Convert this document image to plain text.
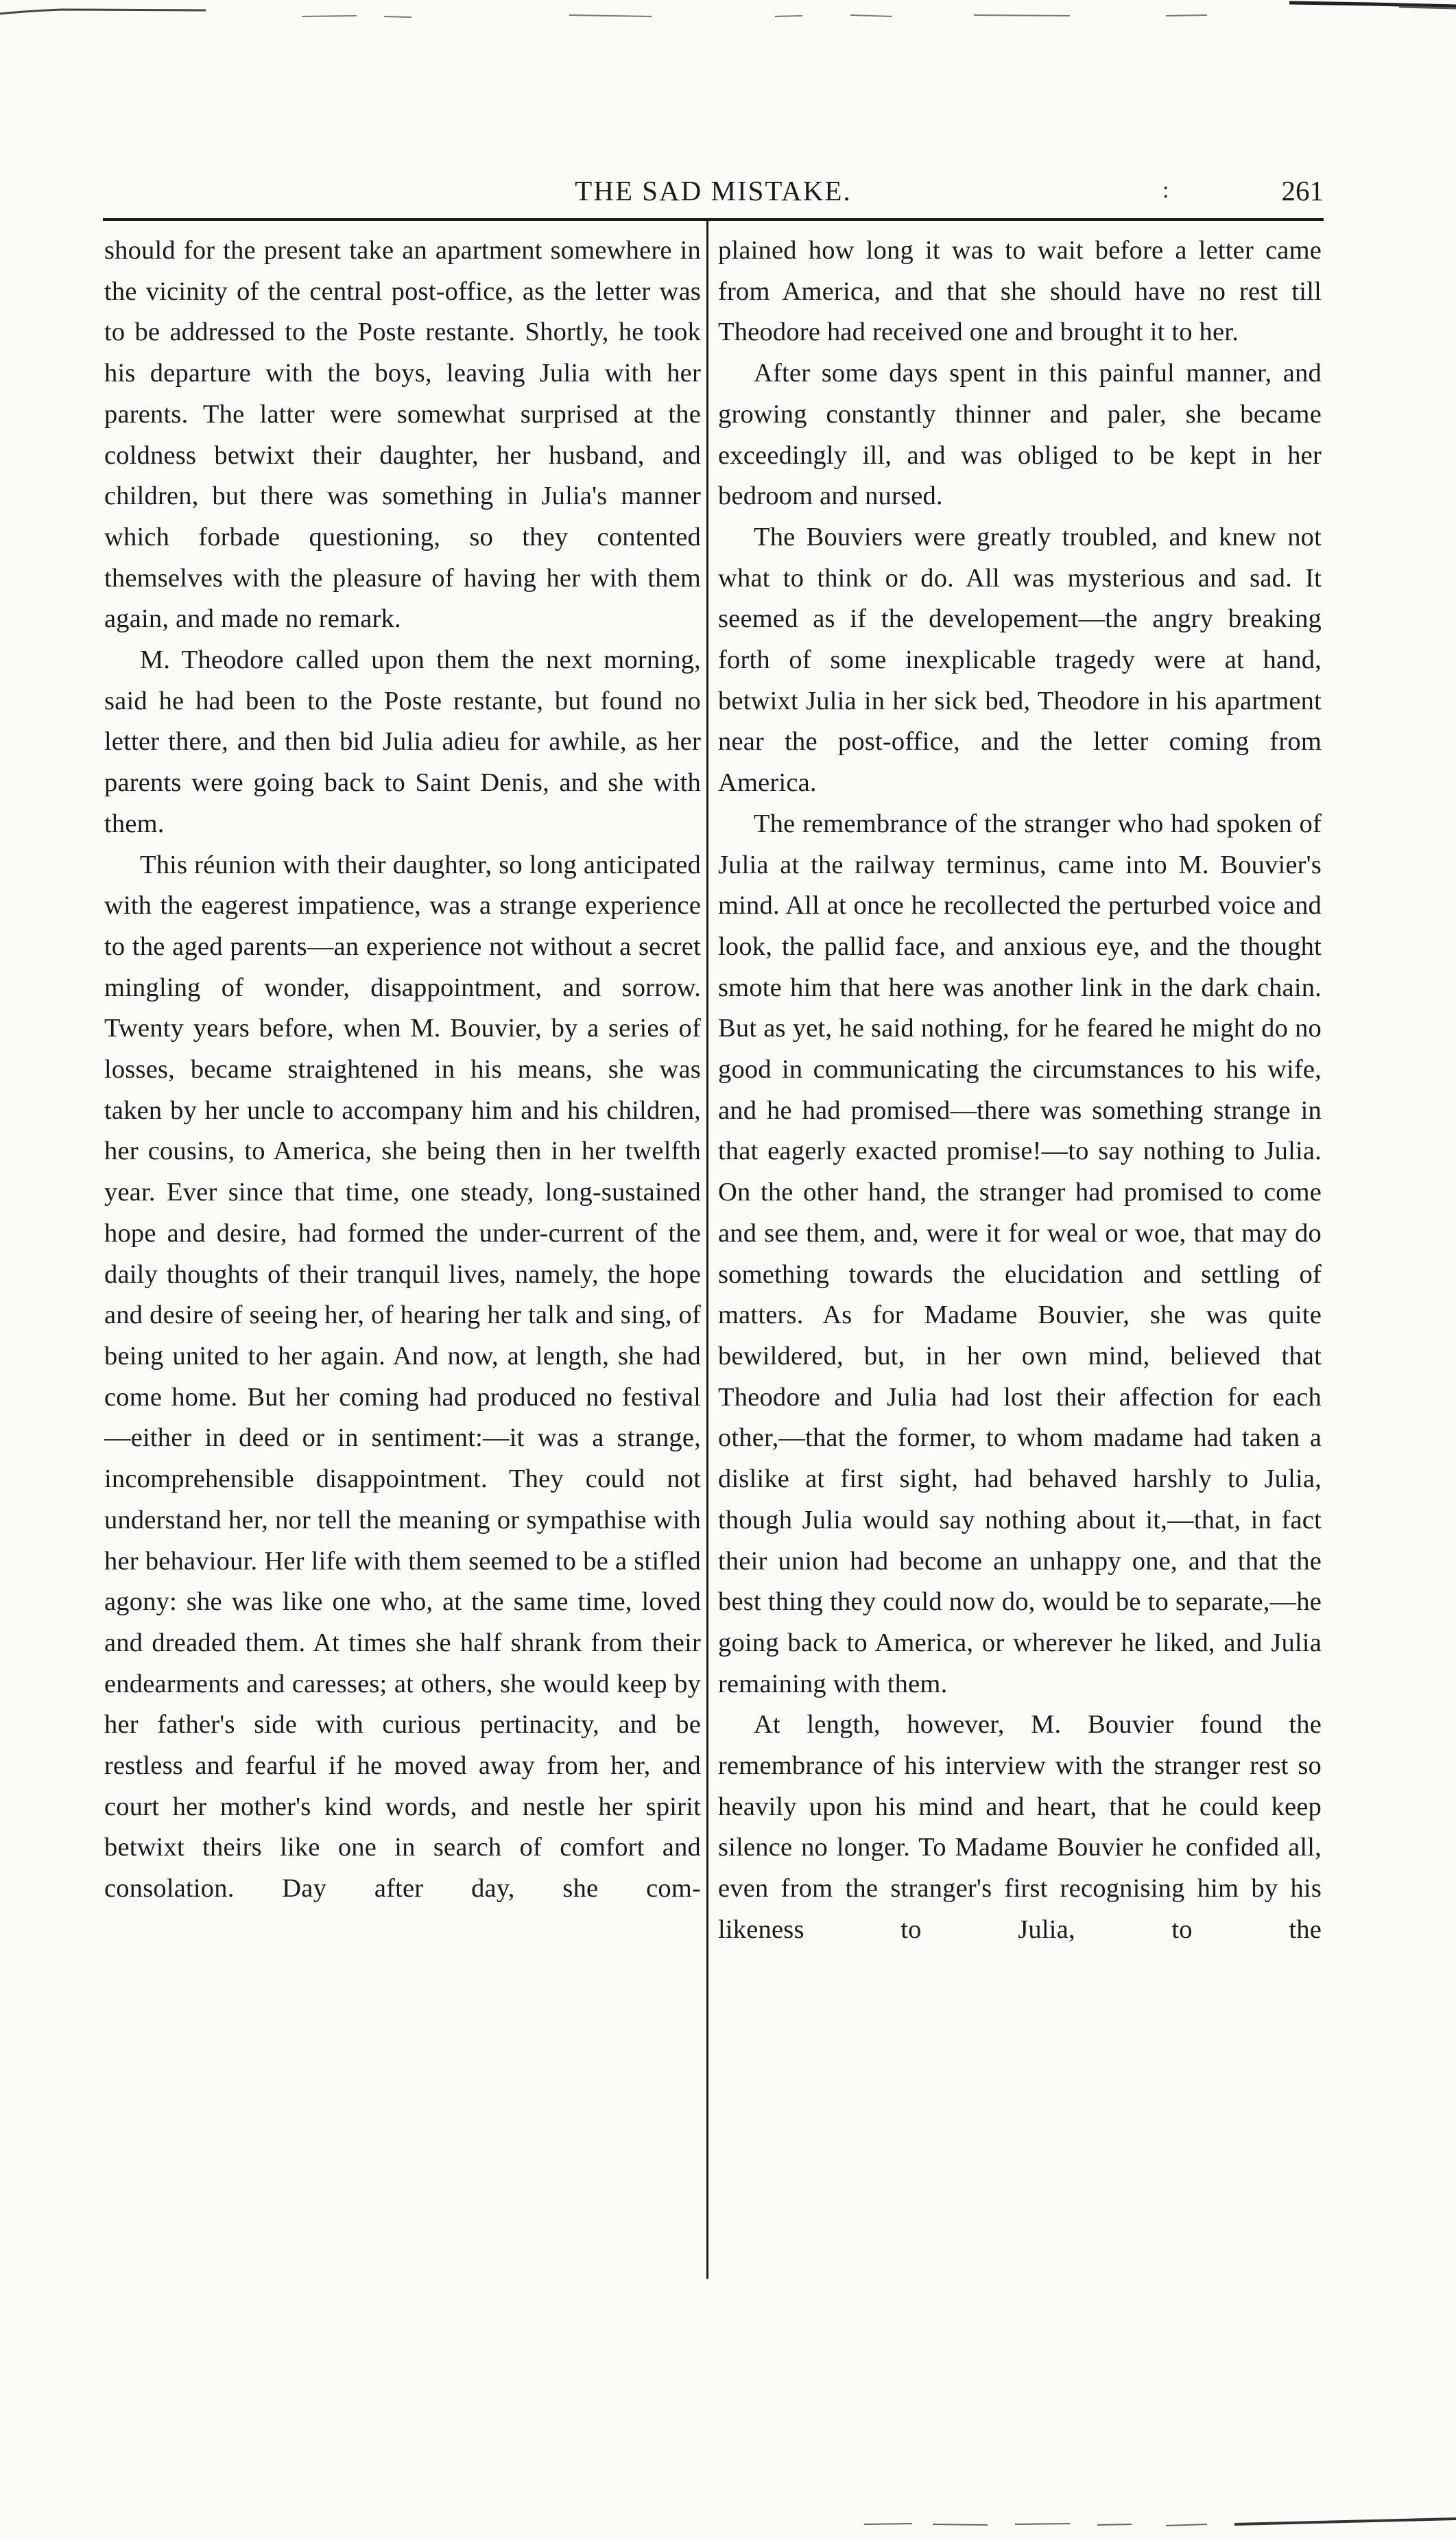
THE SAD MISTAKE.	:	261

should for the present take an apartment somewhere in the vicinity of the central post-office, as the letter was to be addressed to the Poste restante. Shortly, he took his departure with the boys, leaving Julia with her parents. The latter were somewhat surprised at the coldness betwixt their daughter, her husband, and children, but there was something in Julia's manner which forbade questioning, so they contented themselves with the pleasure of having her with them again, and made no remark.

M. Theodore called upon them the next morning, said he had been to the Poste restante, but found no letter there, and then bid Julia adieu for awhile, as her parents were going back to Saint Denis, and she with them.

This réunion with their daughter, so long anticipated with the eagerest impatience, was a strange experience to the aged parents—an experience not without a secret mingling of wonder, disappointment, and sorrow. Twenty years before, when M. Bouvier, by a series of losses, became straightened in his means, she was taken by her uncle to accompany him and his children, her cousins, to America, she being then in her twelfth year. Ever since that time, one steady, long-sustained hope and desire, had formed the under-current of the daily thoughts of their tranquil lives, namely, the hope and desire of seeing her, of hearing her talk and sing, of being united to her again. And now, at length, she had come home. But her coming had produced no festival—either in deed or in sentiment:—it was a strange, incomprehensible disappointment. They could not understand her, nor tell the meaning or sympathise with her behaviour. Her life with them seemed to be a stifled agony: she was like one who, at the same time, loved and dreaded them. At times she half shrank from their endearments and caresses; at others, she would keep by her father's side with curious pertinacity, and be restless and fearful if he moved away from her, and court her mother's kind words, and nestle her spirit betwixt theirs like one in search of comfort and consolation. Day after day, she com-

plained how long it was to wait before a letter came from America, and that she should have no rest till Theodore had received one and brought it to her.

After some days spent in this painful manner, and growing constantly thinner and paler, she became exceedingly ill, and was obliged to be kept in her bedroom and nursed.

The Bouviers were greatly troubled, and knew not what to think or do. All was mysterious and sad. It seemed as if the developement—the angry breaking forth of some inexplicable tragedy were at hand, betwixt Julia in her sick bed, Theodore in his apartment near the post-office, and the letter coming from America.

The remembrance of the stranger who had spoken of Julia at the railway terminus, came into M. Bouvier's mind. All at once he recollected the perturbed voice and look, the pallid face, and anxious eye, and the thought smote him that here was another link in the dark chain. But as yet, he said nothing, for he feared he might do no good in communicating the circumstances to his wife, and he had promised—there was something strange in that eagerly exacted promise!—to say nothing to Julia. On the other hand, the stranger had promised to come and see them, and, were it for weal or woe, that may do something towards the elucidation and settling of matters. As for Madame Bouvier, she was quite bewildered, but, in her own mind, believed that Theodore and Julia had lost their affection for each other,—that the former, to whom madame had taken a dislike at first sight, had behaved harshly to Julia, though Julia would say nothing about it,—that, in fact their union had become an unhappy one, and that the best thing they could now do, would be to separate,—he going back to America, or wherever he liked, and Julia remaining with them.

At length, however, M. Bouvier found the remembrance of his interview with the stranger rest so heavily upon his mind and heart, that he could keep silence no longer. To Madame Bouvier he confided all, even from the stranger's first recognising him by his likeness to Julia, to the
